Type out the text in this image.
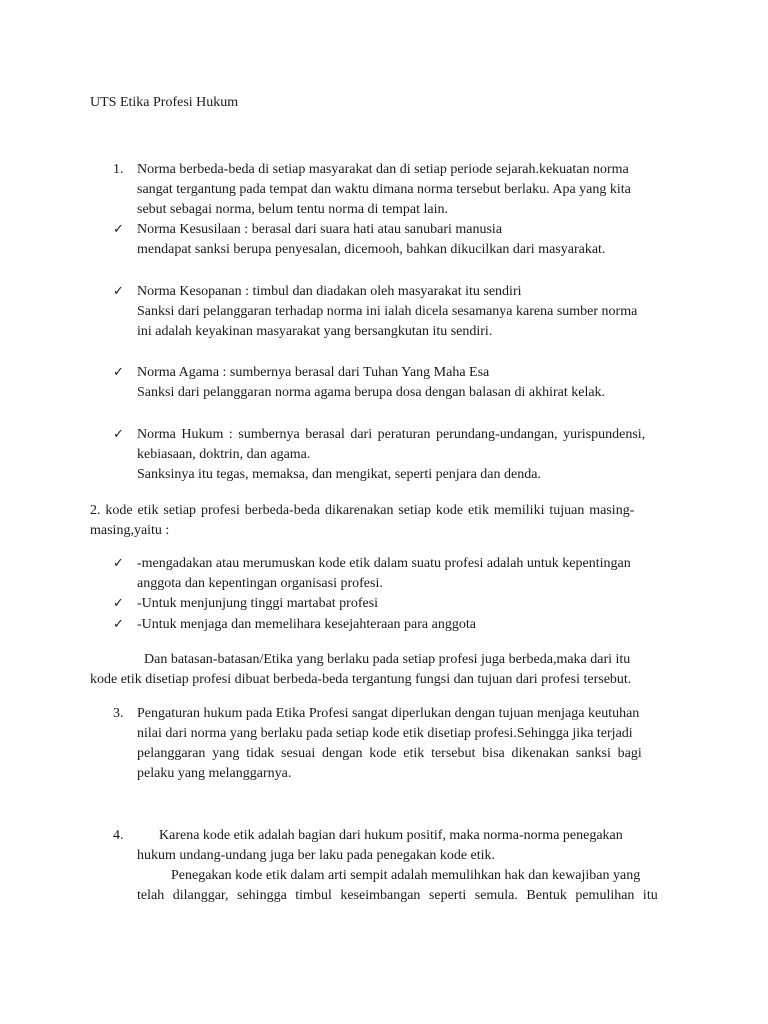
UTS Etika Profesi Hukum
1. Norma berbeda-beda di setiap masyarakat dan di setiap periode sejarah.kekuatan norma
sangat tergantung pada tempat dan waktu dimana norma tersebut berlaku. Apa yang kita
sebut sebagai norma, belum tentu norma di tempat lain.
✓ Norma Kesusilaan : berasal dari suara hati atau sanubari manusia
mendapat sanksi berupa penyesalan, dicemooh, bahkan dikucilkan dari masyarakat.
✓ Norma Kesopanan : timbul dan diadakan oleh masyarakat itu sendiri
Sanksi dari pelanggaran terhadap norma ini ialah dicela sesamanya karena sumber norma
ini adalah keyakinan masyarakat yang bersangkutan itu sendiri.
✓ Norma Agama : sumbernya berasal dari Tuhan Yang Maha Esa
Sanksi dari pelanggaran norma agama berupa dosa dengan balasan di akhirat kelak.
✓ Norma Hukum : sumbernya berasal dari peraturan perundang-undangan, yurispundensi,
kebiasaan, doktrin, dan agama.
Sanksinya itu tegas, memaksa, dan mengikat, seperti penjara dan denda.
2. kode etik setiap profesi berbeda-beda dikarenakan setiap kode etik memiliki tujuan masing-
masing,yaitu :
✓ -mengadakan atau merumuskan kode etik dalam suatu profesi adalah untuk kepentingan
anggota dan kepentingan organisasi profesi.
✓ -Untuk menjunjung tinggi martabat profesi
✓ -Untuk menjaga dan memelihara kesejahteraan para anggota
Dan batasan-batasan/Etika yang berlaku pada setiap profesi juga berbeda,maka dari itu
kode etik disetiap profesi dibuat berbeda-beda tergantung fungsi dan tujuan dari profesi tersebut.
3. Pengaturan hukum pada Etika Profesi sangat diperlukan dengan tujuan menjaga keutuhan
nilai dari norma yang berlaku pada setiap kode etik disetiap profesi.Sehingga jika terjadi
pelanggaran yang tidak sesuai dengan kode etik tersebut bisa dikenakan sanksi bagi
pelaku yang melanggarnya.
4.	Karena kode etik adalah bagian dari hukum positif, maka norma-norma penegakan
hukum undang-undang juga ber laku pada penegakan kode etik.
Penegakan kode etik dalam arti sempit adalah memulihkan hak dan kewajiban yang
telah dilanggar, sehingga timbul keseimbangan seperti semula. Bentuk pemulihan itu
